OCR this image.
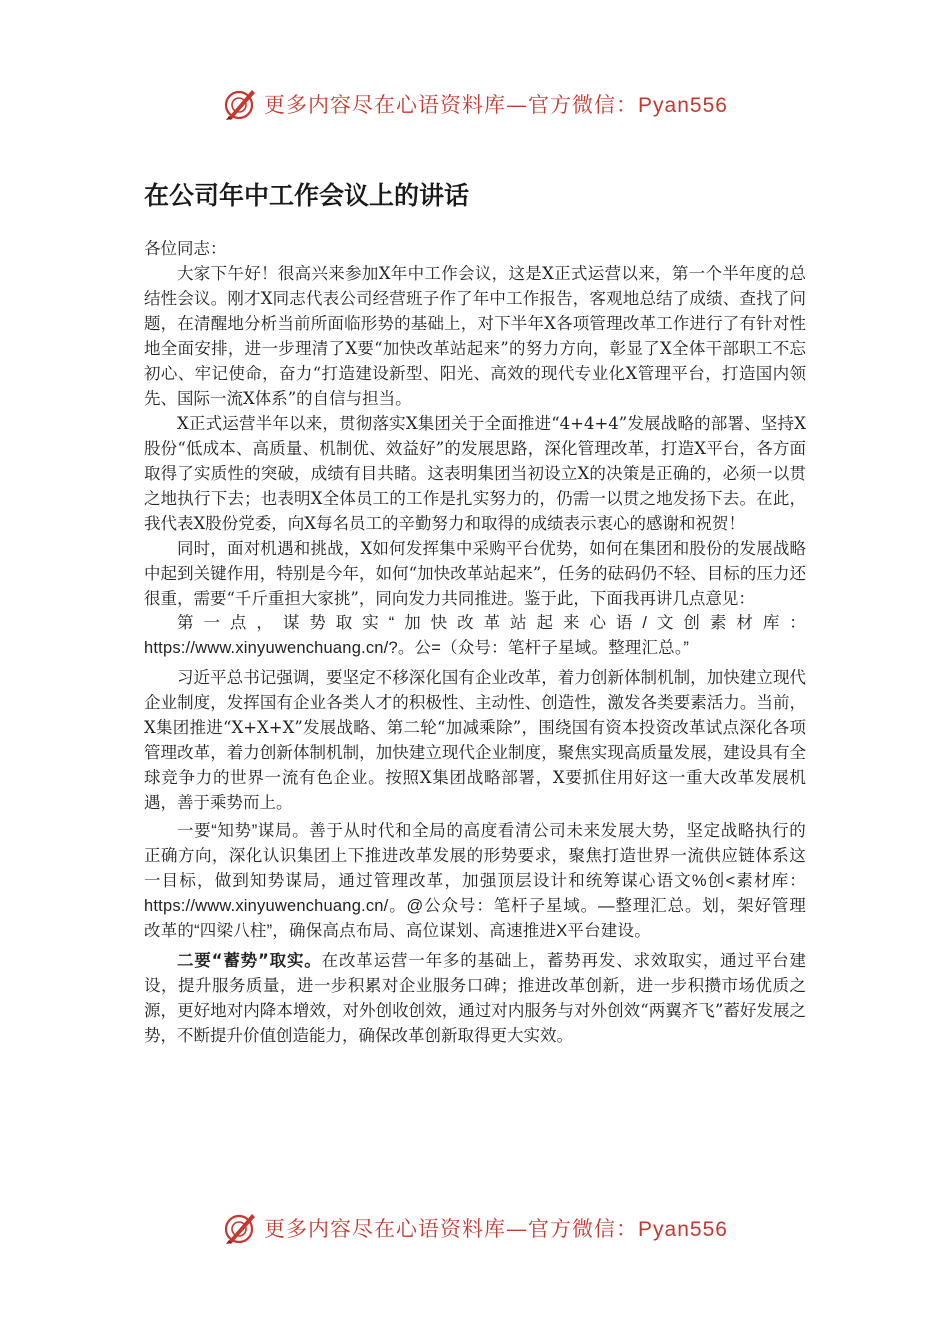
更多内容尽在心语资料库—官方微信：Pyan556
在公司年中工作会议上的讲话
各位同志：

大家下午好！很高兴来参加X年中工作会议，这是X正式运营以来，第一个半年度的总结性会议。刚才X同志代表公司经营班子作了年中工作报告，客观地总结了成绩、查找了问题，在清醒地分析当前所面临形势的基础上，对下半年X各项管理改革工作进行了有针对性地全面安排，进一步理清了X要“加快改革站起来”的努力方向，彰显了X全体干部职工不忘初心、牢记使命，奋力“打造建设新型、阳光、高效的现代专业化X管理平台，打造国内领先、国际一流X体系”的自信与担当。

X正式运营半年以来，贯彻落实X集团关于全面推进“4+4+4”发展战略的部署、坚持X股份“低成本、高质量、机制优、效益好”的发展思路，深化管理改革，打造X平台，各方面取得了实质性的突破，成绩有目共睹。这表明集团当初设立X的决策是正确的，必须一以贯之地执行下去；也表明X全体员工的工作是扎实努力的，仍需一以贯之地发扬下去。在此，我代表X股份党委，向X每名员工的辛勤努力和取得的成绩表示衷心的感谢和祝贺！

同时，面对机遇和挑战，X如何发挥集中采购平台优势，如何在集团和股份的发展战略中起到关键作用，特别是今年，如何“加快改革站起来”，任务的砝码仍不轻、目标的压力还很重，需要“千斤重担大家挑”，同向发力共同推进。鉴于此，下面我再讲几点意见：

第一点，谋势取实“加快改革站起来心语/文创素材库：https://www.xinyuwenchuang.cn/?。公=（众号：笔杆子星域。整理汇总。”

习近平总书记强调，要坚定不移深化国有企业改革，着力创新体制机制，加快建立现代企业制度，发挥国有企业各类人才的积极性、主动性、创造性，激发各类要素活力。当前，X集团推进“X+X+X”发展战略、第二轮“加减乘除”，围绕国有资本投资改革试点深化各项管理改革，着力创新体制机制，加快建立现代企业制度，聚焦实现高质量发展，建设具有全球竞争力的世界一流有色企业。按照X集团战略部署，X要抓住用好这一重大改革发展机遇，善于乘势而上。

一要“知势”谋局。善于从时代和全局的高度看清公司未来发展大势，坚定战略执行的正确方向，深化认识集团上下推进改革发展的形势要求，聚焦打造世界一流供应链体系这一目标，做到知势谋局，通过管理改革，加强顶层设计和统筹谋心语文%创<素材库：https://www.xinyuwenchuang.cn/。@公众号：笔杆子星域。—整理汇总。划，架好管理改革的“四梁八柱”，确保高点布局、高位谋划、高速推进X平台建设。

二要“蓄势”取实。在改革运营一年多的基础上，蓄势再发、求效取实，通过平台建设，提升服务质量，进一步积累对企业服务口碑；推进改革创新，进一步积攒市场优质之源，更好地对内降本增效，对外创收创效，通过对内服务与对外创效“两翼齐飞”蓄好发展之势，不断提升价值创造能力，确保改革创新取得更大实效。

更多内容尽在心语资料库—官方微信：Pyan556
